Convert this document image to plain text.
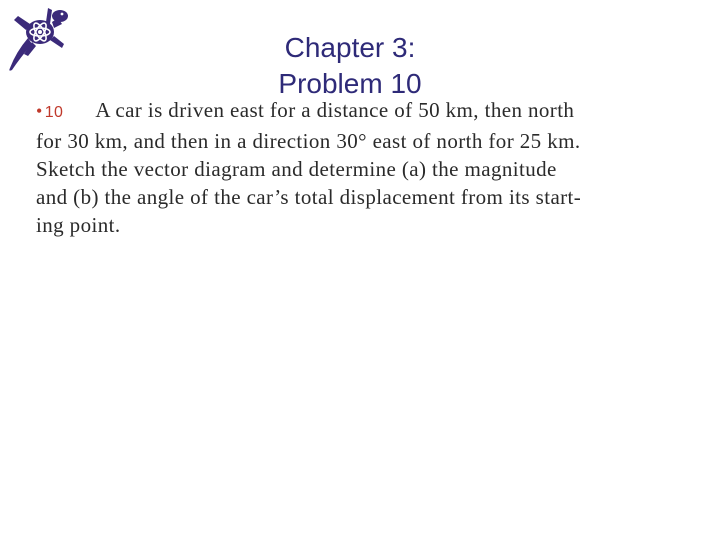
Chapter 3:
Problem 10
• 10 A car is driven east for a distance of 50 km, then north
for 30 km, and then in a direction 30° east of north for 25 km.
Sketch the vector diagram and determine (a) the magnitude
and (b) the angle of the car’s total displacement from its start-
ing point.
